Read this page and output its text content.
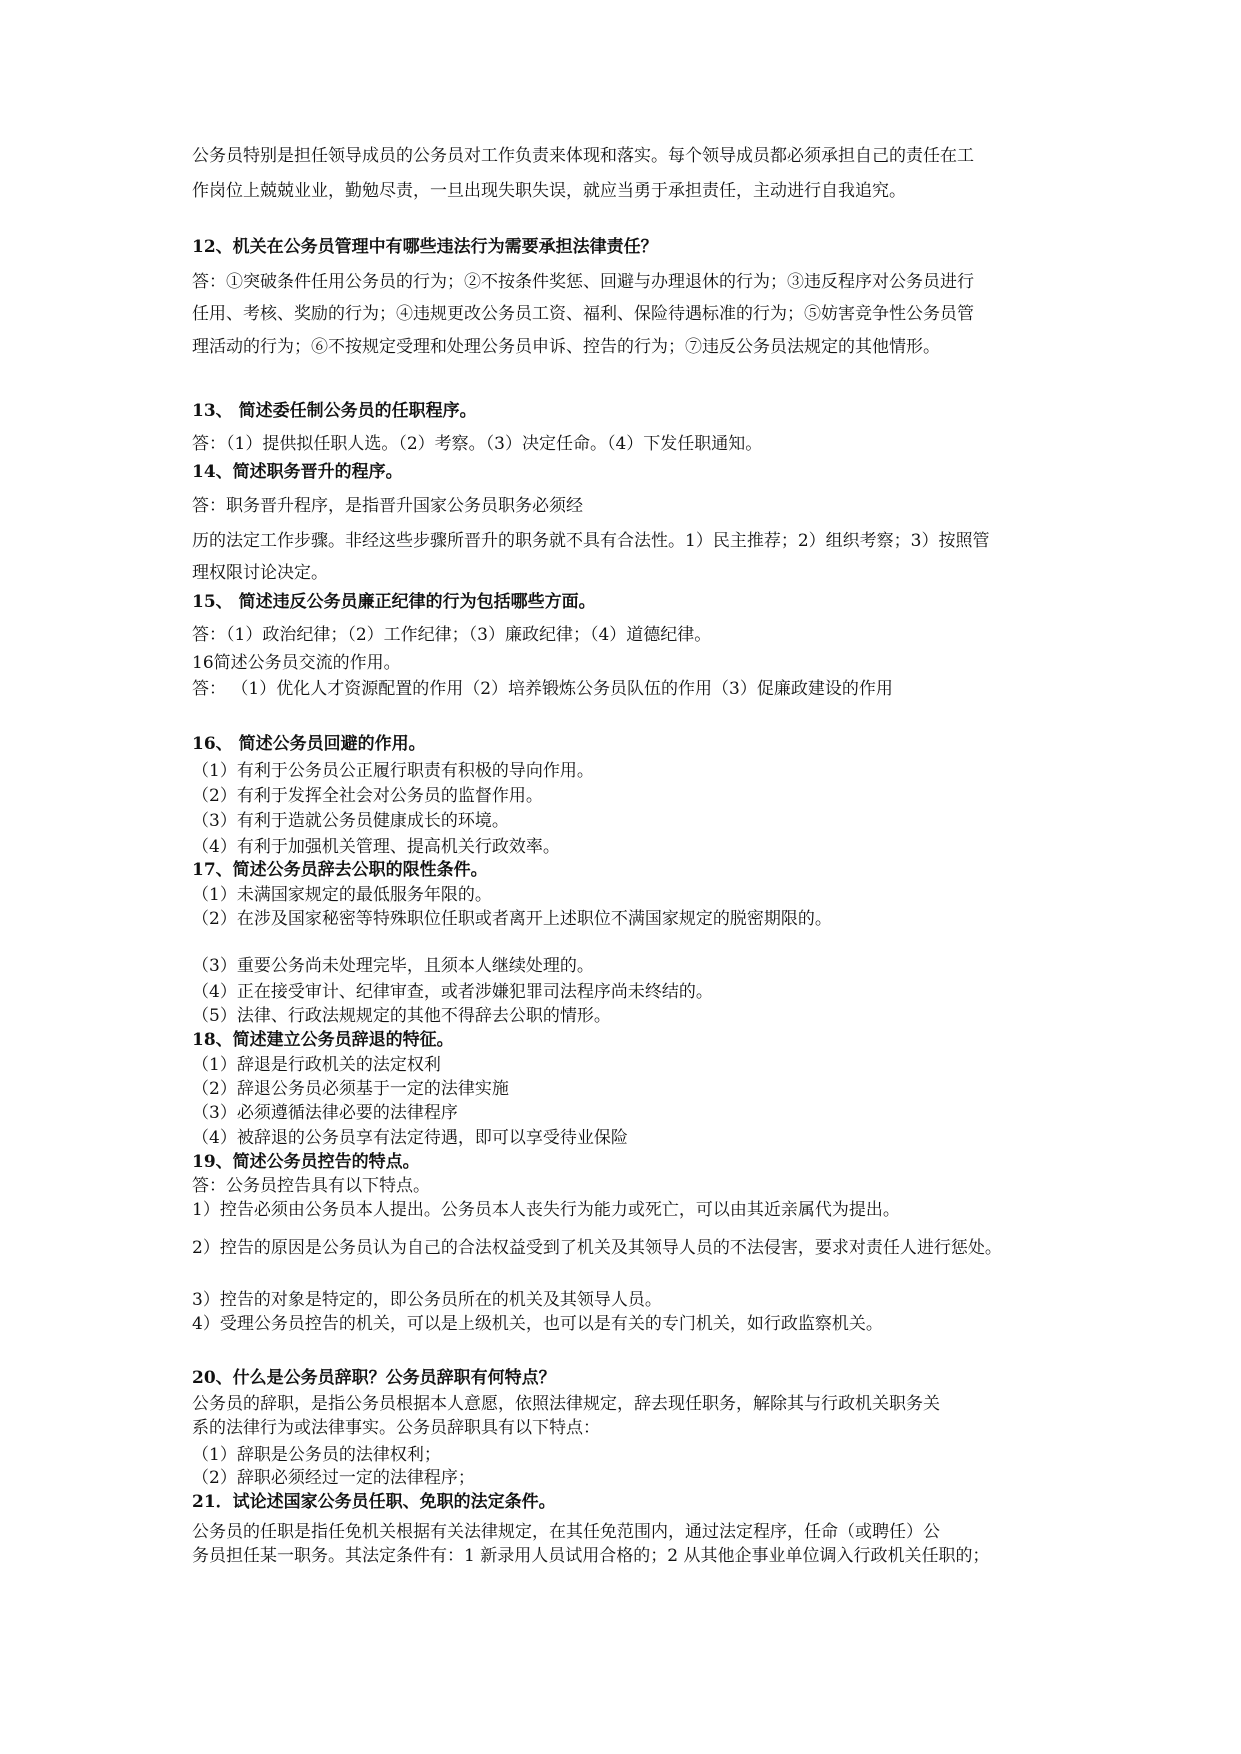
公务员特别是担任领导成员的公务员对工作负责来体现和落实。每个领导成员都必须承担自己的责任在工
作岗位上兢兢业业，勤勉尽责，一旦出现失职失误，就应当勇于承担责任，主动进行自我追究。
12、机关在公务员管理中有哪些违法行为需要承担法律责任？
答：①突破条件任用公务员的行为；②不按条件奖惩、回避与办理退休的行为；③违反程序对公务员进行
任用、考核、奖励的行为；④违规更改公务员工资、福利、保险待遇标准的行为；⑤妨害竞争性公务员管
理活动的行为；⑥不按规定受理和处理公务员申诉、控告的行为；⑦违反公务员法规定的其他情形。
13、 简述委任制公务员的任职程序。
答：（1）提供拟任职人选。（2）考察。（3）决定任命。（4）下发任职通知。
14、简述职务晋升的程序。
答：职务晋升程序，是指晋升国家公务员职务必须经
历的法定工作步骤。非经这些步骤所晋升的职务就不具有合法性。1）民主推荐；2）组织考察；3）按照管
理权限讨论决定。
15、 简述违反公务员廉正纪律的行为包括哪些方面。
答：（1）政治纪律；（2）工作纪律；（3）廉政纪律；（4）道德纪律。
16简述公务员交流的作用。
答： （1）优化人才资源配置的作用（2）培养锻炼公务员队伍的作用（3）促廉政建设的作用
16、 简述公务员回避的作用。
（1）有利于公务员公正履行职责有积极的导向作用。
（2）有利于发挥全社会对公务员的监督作用。
（3）有利于造就公务员健康成长的环境。
（4）有利于加强机关管理、提高机关行政效率。
17、简述公务员辞去公职的限性条件。
（1）未满国家规定的最低服务年限的。
（2）在涉及国家秘密等特殊职位任职或者离开上述职位不满国家规定的脱密期限的。
（3）重要公务尚未处理完毕，且须本人继续处理的。
（4）正在接受审计、纪律审查，或者涉嫌犯罪司法程序尚未终结的。
（5）法律、行政法规规定的其他不得辞去公职的情形。
18、简述建立公务员辞退的特征。
（1）辞退是行政机关的法定权利
（2）辞退公务员必须基于一定的法律实施
（3）必须遵循法律必要的法律程序
（4）被辞退的公务员享有法定待遇，即可以享受待业保险
19、简述公务员控告的特点。
答：公务员控告具有以下特点。
1）控告必须由公务员本人提出。公务员本人丧失行为能力或死亡，可以由其近亲属代为提出。
2）控告的原因是公务员认为自己的合法权益受到了机关及其领导人员的不法侵害，要求对责任人进行惩处。
3）控告的对象是特定的，即公务员所在的机关及其领导人员。
4）受理公务员控告的机关，可以是上级机关，也可以是有关的专门机关，如行政监察机关。
20、什么是公务员辞职？公务员辞职有何特点？
公务员的辞职，是指公务员根据本人意愿，依照法律规定，辞去现任职务，解除其与行政机关职务关
系的法律行为或法律事实。公务员辞职具有以下特点：
（1）辞职是公务员的法律权利；
（2）辞职必须经过一定的法律程序；
21．试论述国家公务员任职、免职的法定条件。
公务员的任职是指任免机关根据有关法律规定，在其任免范围内，通过法定程序，任命（或聘任）公
务员担任某一职务。其法定条件有：1 新录用人员试用合格的；2 从其他企事业单位调入行政机关任职的；
